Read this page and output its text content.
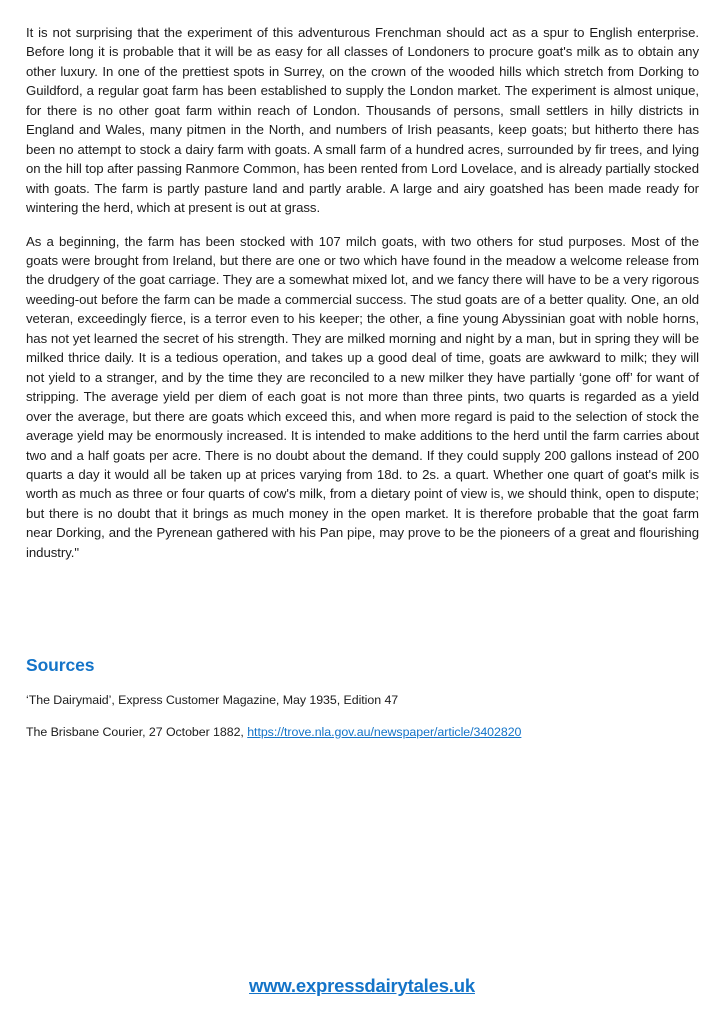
It is not surprising that the experiment of this adventurous Frenchman should act as a spur to English enterprise. Before long it is probable that it will be as easy for all classes of Londoners to procure goat's milk as to obtain any other luxury. In one of the prettiest spots in Surrey, on the crown of the wooded hills which stretch from Dorking to Guildford, a regular goat farm has been established to supply the London market. The experiment is almost unique, for there is no other goat farm within reach of London. Thousands of persons, small settlers in hilly districts in England and Wales, many pitmen in the North, and numbers of Irish peasants, keep goats; but hitherto there has been no attempt to stock a dairy farm with goats. A small farm of a hundred acres, surrounded by fir trees, and lying on the hill top after passing Ranmore Common, has been rented from Lord Lovelace, and is already partially stocked with goats. The farm is partly pasture land and partly arable. A large and airy goatshed has been made ready for wintering the herd, which at present is out at grass.

As a beginning, the farm has been stocked with 107 milch goats, with two others for stud purposes. Most of the goats were brought from Ireland, but there are one or two which have found in the meadow a welcome release from the drudgery of the goat carriage. They are a somewhat mixed lot, and we fancy there will have to be a very rigorous weeding-out before the farm can be made a commercial success. The stud goats are of a better quality. One, an old veteran, exceedingly fierce, is a terror even to his keeper; the other, a fine young Abyssinian goat with noble horns, has not yet learned the secret of his strength. They are milked morning and night by a man, but in spring they will be milked thrice daily. It is a tedious operation, and takes up a good deal of time, goats are awkward to milk; they will not yield to a stranger, and by the time they are reconciled to a new milker they have partially ‘gone off’ for want of stripping. The average yield per diem of each goat is not more than three pints, two quarts is regarded as a yield over the average, but there are goats which exceed this, and when more regard is paid to the selection of stock the average yield may be enormously increased. It is intended to make additions to the herd until the farm carries about two and a half goats per acre. There is no doubt about the demand. If they could supply 200 gallons instead of 200 quarts a day it would all be taken up at prices varying from 18d. to 2s. a quart. Whether one quart of goat's milk is worth as much as three or four quarts of cow's milk, from a dietary point of view is, we should think, open to dispute; but there is no doubt that it brings as much money in the open market. It is therefore probable that the goat farm near Dorking, and the Pyrenean gathered with his Pan pipe, may prove to be the pioneers of a great and flourishing industry."

Sources

‘The Dairymaid’, Express Customer Magazine, May 1935, Edition 47

The Brisbane Courier, 27 October 1882, https://trove.nla.gov.au/newspaper/article/3402820

www.expressdairytales.uk
